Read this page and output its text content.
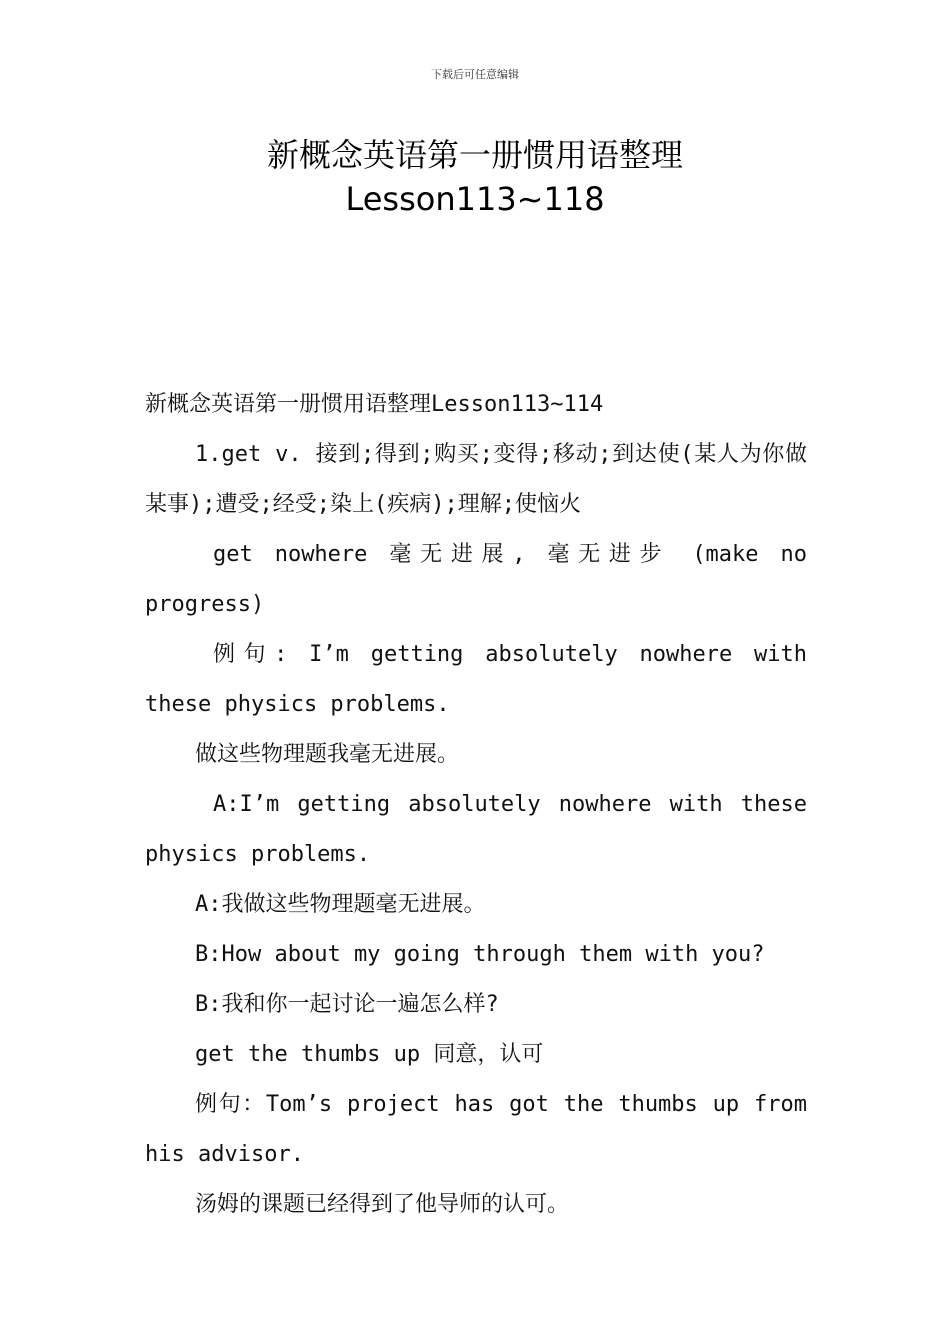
下载后可任意编辑
新概念英语第一册惯用语整理
Lesson113~118

新概念英语第一册惯用语整理Lesson113~114

1.get v. 接到;得到;购买;变得;移动;到达使(某人为你做某事);遭受;经受;染上(疾病);理解;使恼火

get nowhere 毫无进展, 毫无进步 (make no

progress)

例句: I’m getting absolutely nowhere with

these physics problems.

做这些物理题我毫无进展。

A:I’m getting absolutely nowhere with these

physics problems.

A:我做这些物理题毫无进展。

B:How about my going through them with you?

B:我和你一起讨论一遍怎么样?

get the thumbs up 同意，认可

例句：Tom’s project has got the thumbs up from

his advisor.

汤姆的课题已经得到了他导师的认可。
